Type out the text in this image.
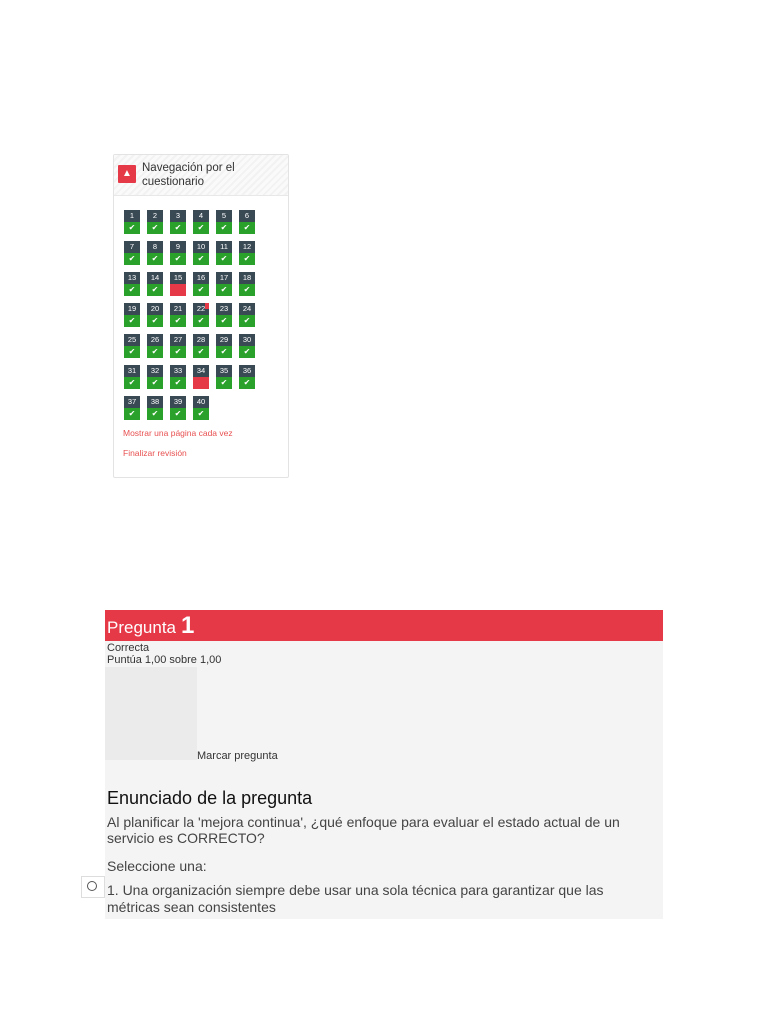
▲ Navegación por el cuestionario
1
✔
2
✔
3
✔
4
✔
5
✔
6
✔
7
✔
8
✔
9
✔
10
✔
11
✔
12
✔
13
✔
14
✔
15	16
✔
17
✔
18
✔
19
✔
20
✔
21
✔
22
✔
23
✔
24
✔
25
✔
26
✔
27
✔
28
✔
29
✔
30
✔
31
✔
32
✔
33
✔
34	35
✔
36
✔
37
✔
38
✔
39
✔
40
✔
Mostrar una página cada vez
Finalizar revisión
Pregunta 1
Correcta
Puntúa 1,00 sobre 1,00
Marcar pregunta
Enunciado de la pregunta
Al planificar la 'mejora continua', ¿qué enfoque para evaluar el estado actual de un servicio es CORRECTO?
Seleccione una:
1. Una organización siempre debe usar una sola técnica para garantizar que las métricas sean consistentes
